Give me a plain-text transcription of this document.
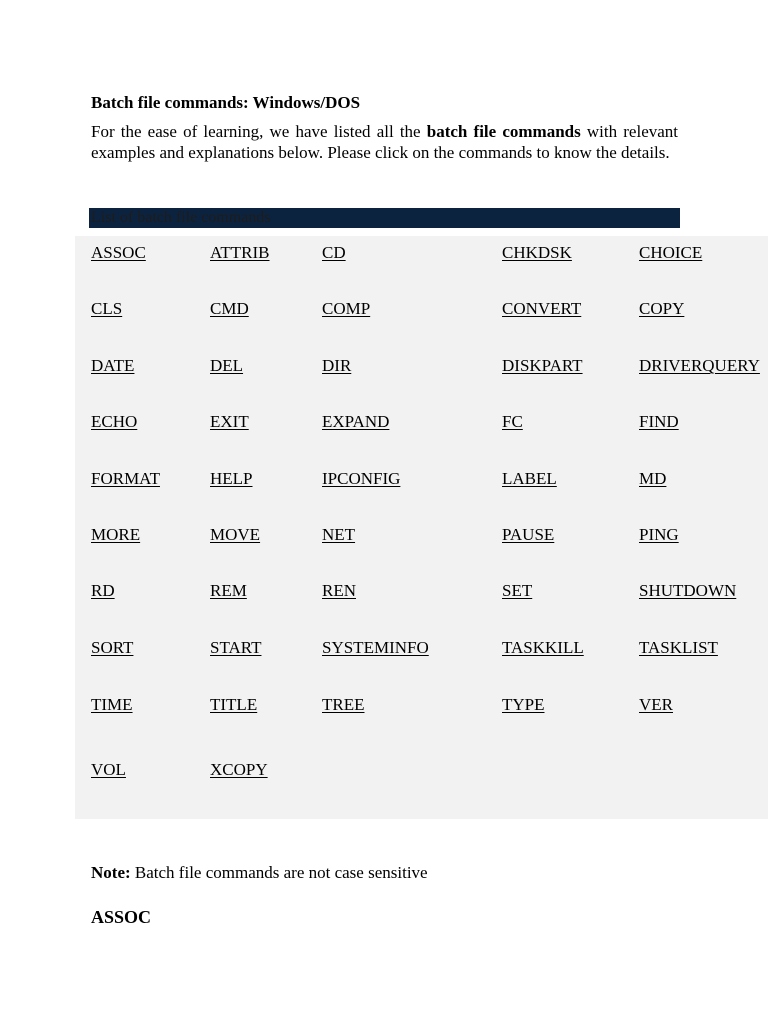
Batch file commands: Windows/DOS

For the ease of learning, we have listed all the batch file commands with relevant examples and explanations below. Please click on the commands to know the details.

List of batch file commands
ASSOC	ATTRIB	CD	CHKDSK	CHOICE
CLS	CMD	COMP	CONVERT	COPY
DATE	DEL	DIR	DISKPART	DRIVERQUERY
ECHO	EXIT	EXPAND	FC	FIND
FORMAT	HELP	IPCONFIG	LABEL	MD
MORE	MOVE	NET	PAUSE	PING
RD	REM	REN	SET	SHUTDOWN
SORT	START	SYSTEMINFO	TASKKILL	TASKLIST
TIME	TITLE	TREE	TYPE	VER
VOL	XCOPY

Note: Batch file commands are not case sensitive

ASSOC
